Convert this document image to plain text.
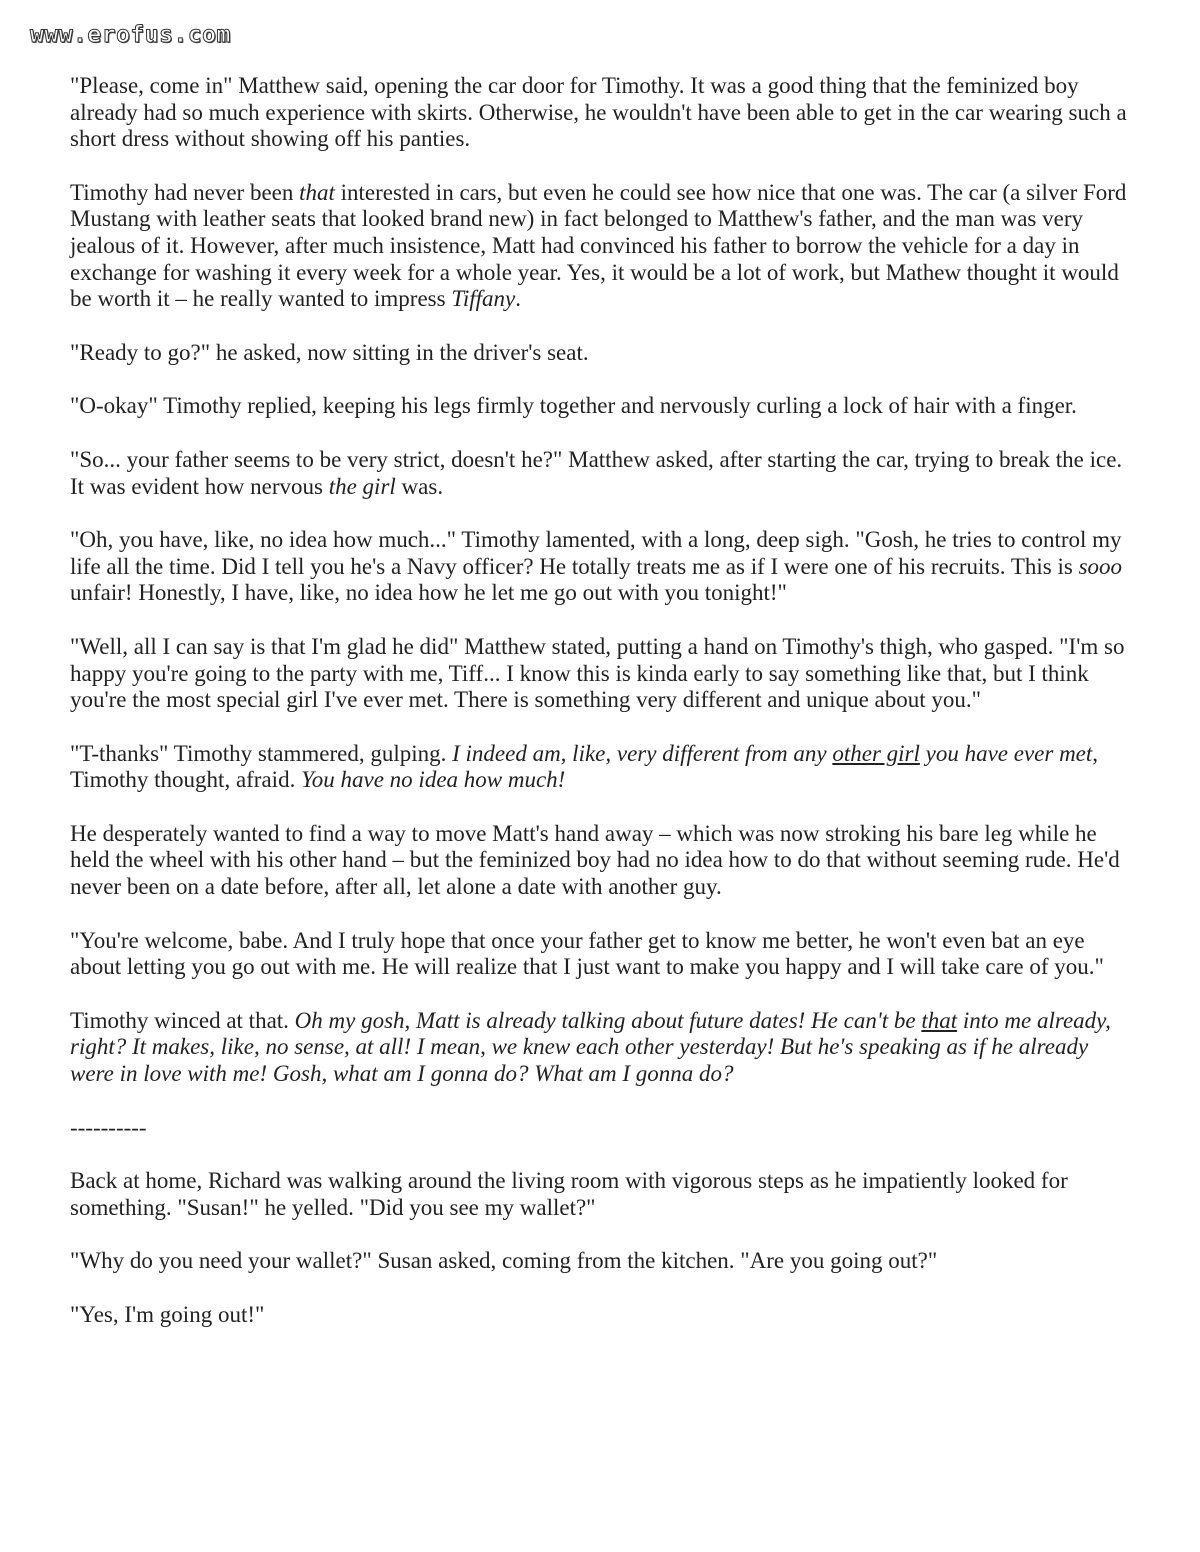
www.erofus.com

"Please, come in" Matthew said, opening the car door for Timothy. It was a good thing that the feminized boy already had so much experience with skirts. Otherwise, he wouldn't have been able to get in the car wearing such a short dress without showing off his panties.

Timothy had never been that interested in cars, but even he could see how nice that one was. The car (a silver Ford Mustang with leather seats that looked brand new) in fact belonged to Matthew's father, and the man was very jealous of it. However, after much insistence, Matt had convinced his father to borrow the vehicle for a day in exchange for washing it every week for a whole year. Yes, it would be a lot of work, but Mathew thought it would be worth it – he really wanted to impress Tiffany.

"Ready to go?" he asked, now sitting in the driver's seat.

"O-okay" Timothy replied, keeping his legs firmly together and nervously curling a lock of hair with a finger.

"So... your father seems to be very strict, doesn't he?" Matthew asked, after starting the car, trying to break the ice. It was evident how nervous the girl was.

"Oh, you have, like, no idea how much..." Timothy lamented, with a long, deep sigh. "Gosh, he tries to control my life all the time. Did I tell you he's a Navy officer? He totally treats me as if I were one of his recruits. This is sooo unfair! Honestly, I have, like, no idea how he let me go out with you tonight!"

"Well, all I can say is that I'm glad he did" Matthew stated, putting a hand on Timothy's thigh, who gasped. "I'm so happy you're going to the party with me, Tiff... I know this is kinda early to say something like that, but I think you're the most special girl I've ever met. There is something very different and unique about you."

"T-thanks" Timothy stammered, gulping. I indeed am, like, very different from any other girl you have ever met, Timothy thought, afraid. You have no idea how much!

He desperately wanted to find a way to move Matt's hand away – which was now stroking his bare leg while he held the wheel with his other hand – but the feminized boy had no idea how to do that without seeming rude. He'd never been on a date before, after all, let alone a date with another guy.

"You're welcome, babe. And I truly hope that once your father get to know me better, he won't even bat an eye about letting you go out with me. He will realize that I just want to make you happy and I will take care of you."

Timothy winced at that. Oh my gosh, Matt is already talking about future dates! He can't be that into me already, right? It makes, like, no sense, at all! I mean, we knew each other yesterday! But he's speaking as if he already were in love with me! Gosh, what am I gonna do? What am I gonna do?

----------

Back at home, Richard was walking around the living room with vigorous steps as he impatiently looked for something. "Susan!" he yelled. "Did you see my wallet?"

"Why do you need your wallet?" Susan asked, coming from the kitchen. "Are you going out?"

"Yes, I'm going out!"
